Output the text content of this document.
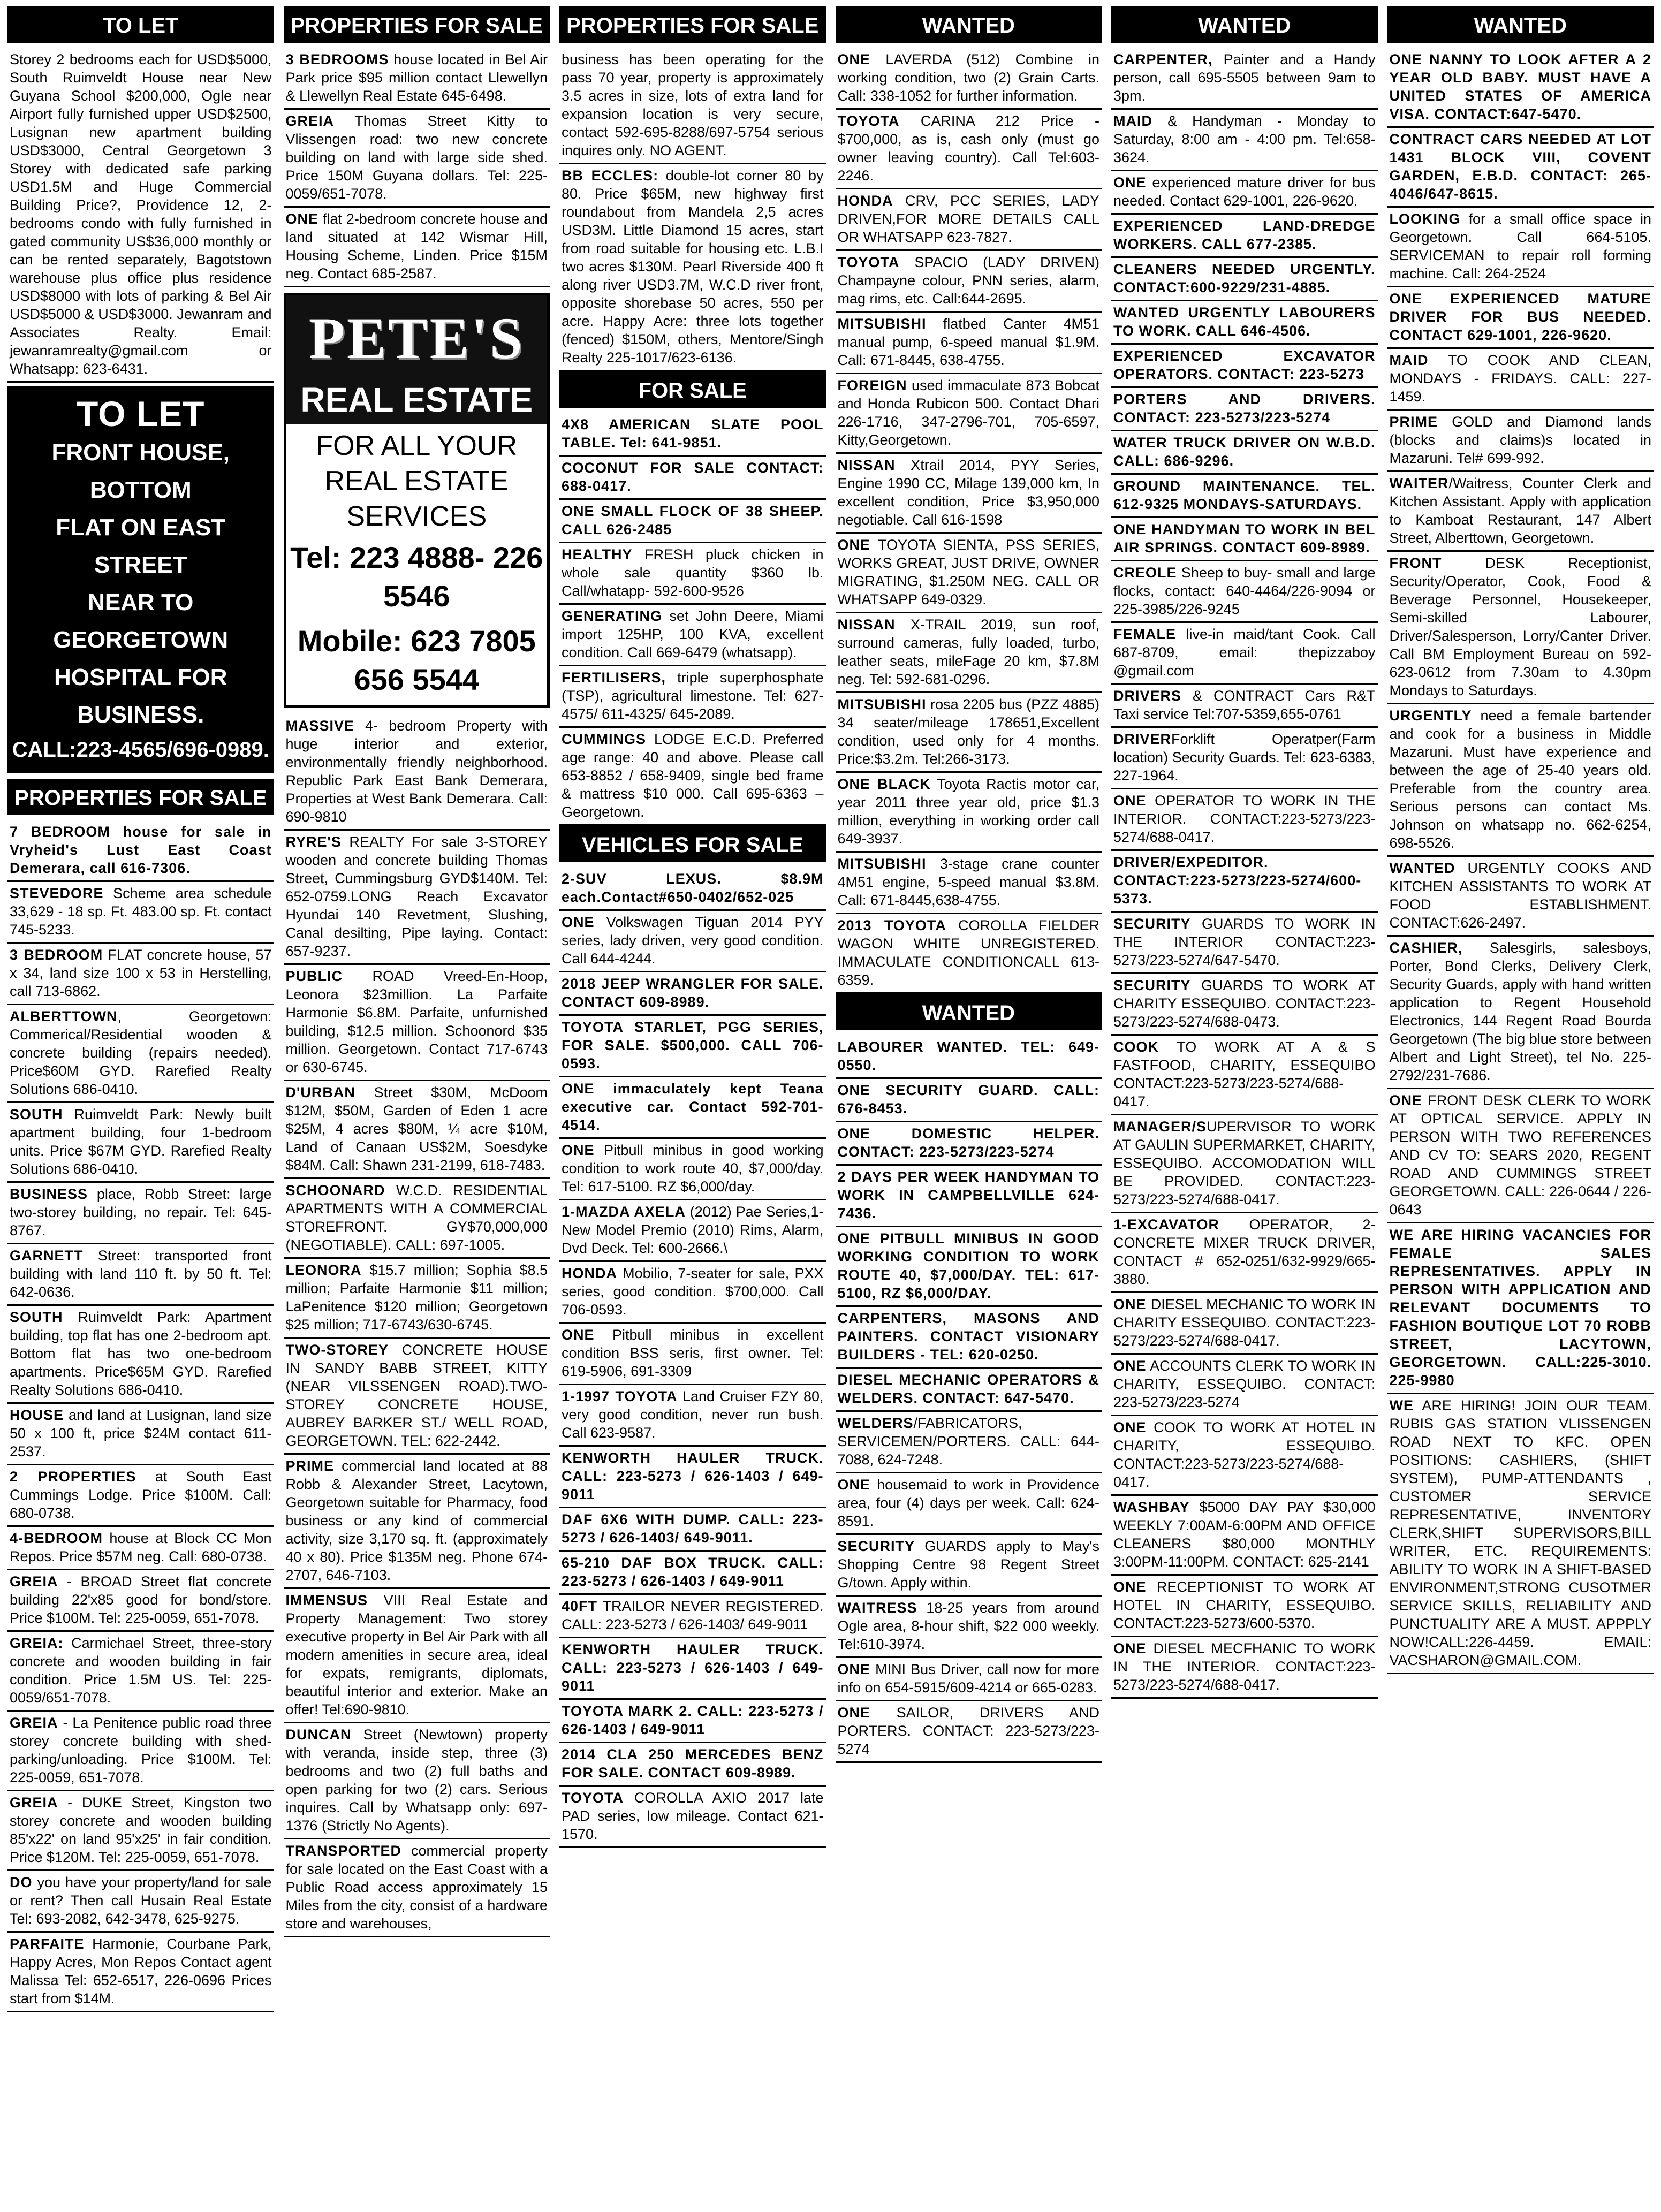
TO LET
Storey 2 bedrooms each for USD$5000, South Ruimveldt House near New Guyana School $200,000, Ogle near Airport fully furnished upper USD$2500, Lusignan new apartment building USD$3000, Central Georgetown 3 Storey with dedicated safe parking USD1.5M and Huge Commercial Building Price?, Providence 12, 2-bedrooms condo with fully furnished in gated community US$36,000 monthly or can be rented separately, Bagotstown warehouse plus office plus residence USD$8000 with lots of parking & Bel Air USD$5000 & USD$3000. Jewanram and Associates Realty. Email: jewanramrealty@gmail.com or Whatsapp: 623-6431.
TO LET
FRONT HOUSE, BOTTOM
FLAT ON EAST STREET
NEAR TO GEORGETOWN
HOSPITAL FOR
BUSINESS.
CALL:223-4565/696-0989.
PROPERTIES FOR SALE
7 BEDROOM house for sale in Vryheid's Lust East Coast Demerara, call 616-7306.
STEVEDORE Scheme area schedule 33,629 - 18 sp. Ft. 483.00 sp. Ft. contact 745-5233.
3 BEDROOM FLAT concrete house, 57 x 34, land size 100 x 53 in Herstelling, call 713-6862.
ALBERTTOWN, Georgetown: Commerical/Residential wooden & concrete building (repairs needed). Price$60M GYD. Rarefied Realty Solutions 686-0410.
SOUTH Ruimveldt Park: Newly built apartment building, four 1-bedroom units. Price $67M GYD. Rarefied Realty Solutions 686-0410.
BUSINESS place, Robb Street: large two-storey building, no repair. Tel: 645-8767.
GARNETT Street: transported front building with land 110 ft. by 50 ft. Tel: 642-0636.
SOUTH Ruimveldt Park: Apartment building, top flat has one 2-bedroom apt. Bottom flat has two one-bedroom apartments. Price$65M GYD. Rarefied Realty Solutions 686-0410.
HOUSE and land at Lusignan, land size 50 x 100 ft, price $24M contact 611-2537.
2 PROPERTIES at South East Cummings Lodge. Price $100M. Call: 680-0738.
4-BEDROOM house at Block CC Mon Repos. Price $57M neg. Call: 680-0738.
GREIA - BROAD Street flat concrete building 22'x85 good for bond/store. Price $100M. Tel: 225-0059, 651-7078.
GREIA: Carmichael Street, three-story concrete and wooden building in fair condition. Price 1.5M US. Tel: 225-0059/651-7078.
GREIA - La Penitence public road three storey concrete building with shed-parking/unloading. Price $100M. Tel: 225-0059, 651-7078.
GREIA - DUKE Street, Kingston two storey concrete and wooden building 85'x22' on land 95'x25' in fair condition. Price $120M. Tel: 225-0059, 651-7078.
DO you have your property/land for sale or rent? Then call Husain Real Estate Tel: 693-2082, 642-3478, 625-9275.
PARFAITE Harmonie, Courbane Park, Happy Acres, Mon Repos Contact agent Malissa Tel: 652-6517, 226-0696 Prices start from $14M.
PROPERTIES FOR SALE
3 BEDROOMS house located in Bel Air Park price $95 million contact Llewellyn & Llewellyn Real Estate 645-6498.
GREIA Thomas Street Kitty to Vlissengen road: two new concrete building on land with large side shed. Price 150M Guyana dollars. Tel: 225-0059/651-7078.
ONE flat 2-bedroom concrete house and land situated at 142 Wismar Hill, Housing Scheme, Linden. Price $15M neg. Contact 685-2587.
PETE'S
REAL ESTATE
FOR ALL YOUR REAL ESTATE SERVICES
Tel: 223 4888- 226 5546
Mobile: 623 7805 656 5544
MASSIVE 4- bedroom Property with huge interior and exterior, environmentally friendly neighborhood. Republic Park East Bank Demerara, Properties at West Bank Demerara. Call: 690-9810
RYRE'S REALTY For sale 3-STOREY wooden and concrete building Thomas Street, Cummingsburg GYD$140M. Tel: 652-0759.LONG Reach Excavator Hyundai 140 Revetment, Slushing, Canal desilting, Pipe laying. Contact: 657-9237.
PUBLIC ROAD Vreed-En-Hoop, Leonora $23million. La Parfaite Harmonie $6.8M. Parfaite, unfurnished building, $12.5 million. Schoonord $35 million. Georgetown. Contact 717-6743 or 630-6745.
D'URBAN Street $30M, McDoom $12M, $50M, Garden of Eden 1 acre $25M, 4 acres $80M, ¼ acre $10M, Land of Canaan US$2M, Soesdyke $84M. Call: Shawn 231-2199, 618-7483.
SCHOONARD W.C.D. RESIDENTIAL APARTMENTS WITH A COMMERCIAL STOREFRONT. GY$70,000,000 (NEGOTIABLE). CALL: 697-1005.
LEONORA $15.7 million; Sophia $8.5 million; Parfaite Harmonie $11 million; LaPenitence $120 million; Georgetown $25 million; 717-6743/630-6745.
TWO-STOREY CONCRETE HOUSE IN SANDY BABB STREET, KITTY (NEAR VILSSENGEN ROAD).TWO-STOREY CONCRETE HOUSE, AUBREY BARKER ST./ WELL ROAD, GEORGETOWN. TEL: 622-2442.
PRIME commercial land located at 88 Robb & Alexander Street, Lacytown, Georgetown suitable for Pharmacy, food business or any kind of commercial activity, size 3,170 sq. ft. (approximately 40 x 80). Price $135M neg. Phone 674-2707, 646-7103.
IMMENSUS VIII Real Estate and Property Management: Two storey executive property in Bel Air Park with all modern amenities in secure area, ideal for expats, remigrants, diplomats, beautiful interior and exterior. Make an offer! Tel:690-9810.
DUNCAN Street (Newtown) property with veranda, inside step, three (3) bedrooms and two (2) full baths and open parking for two (2) cars. Serious inquires. Call by Whatsapp only: 697-1376 (Strictly No Agents).
TRANSPORTED commercial property for sale located on the East Coast with a Public Road access approximately 15 Miles from the city, consist of a hardware store and warehouses,
PROPERTIES FOR SALE
business has been operating for the pass 70 year, property is approximately 3.5 acres in size, lots of extra land for expansion location is very secure, contact 592-695-8288/697-5754 serious inquires only. NO AGENT.
BB ECCLES: double-lot corner 80 by 80. Price $65M, new highway first roundabout from Mandela 2,5 acres USD3M. Little Diamond 15 acres, start from road suitable for housing etc. L.B.I two acres $130M. Pearl Riverside 400 ft along river USD3.7M, W.C.D river front, opposite shorebase 50 acres, 550 per acre. Happy Acre: three lots together (fenced) $150M, others, Mentore/Singh Realty 225-1017/623-6136.
FOR SALE
4X8 AMERICAN SLATE POOL TABLE. Tel: 641-9851.
COCONUT FOR SALE CONTACT: 688-0417.
ONE SMALL FLOCK OF 38 SHEEP. CALL 626-2485
HEALTHY FRESH pluck chicken in whole sale quantity $360 lb. Call/whatapp- 592-600-9526
GENERATING set John Deere, Miami import 125HP, 100 KVA, excellent condition. Call 669-6479 (whatsapp).
FERTILISERS, triple superphosphate (TSP), agricultural limestone. Tel: 627-4575/ 611-4325/ 645-2089.
CUMMINGS LODGE E.C.D. Preferred age range: 40 and above. Please call 653-8852 / 658-9409, single bed frame & mattress $10 000. Call 695-6363 – Georgetown.
VEHICLES FOR SALE
2-SUV LEXUS. $8.9M each.Contact#650-0402/652-025
ONE Volkswagen Tiguan 2014 PYY series, lady driven, very good condition. Call 644-4244.
2018 JEEP WRANGLER FOR SALE. CONTACT 609-8989.
TOYOTA STARLET, PGG SERIES, FOR SALE. $500,000. CALL 706-0593.
ONE immaculately kept Teana executive car. Contact 592-701-4514.
ONE Pitbull minibus in good working condition to work route 40, $7,000/day. Tel: 617-5100. RZ $6,000/day.
1-MAZDA AXELA (2012) Pae Series,1- New Model Premio (2010) Rims, Alarm, Dvd Deck. Tel: 600-2666.\
HONDA Mobilio, 7-seater for sale, PXX series, good condition. $700,000. Call 706-0593.
ONE Pitbull minibus in excellent condition BSS seris, first owner. Tel: 619-5906, 691-3309
1-1997 TOYOTA Land Cruiser FZY 80, very good condition, never run bush. Call 623-9587.
KENWORTH HAULER TRUCK. CALL: 223-5273 / 626-1403 / 649-9011
DAF 6X6 WITH DUMP. CALL: 223-5273 / 626-1403/ 649-9011.
65-210 DAF BOX TRUCK. CALL: 223-5273 / 626-1403 / 649-9011
40FT TRAILOR NEVER REGISTERED. CALL: 223-5273 / 626-1403/ 649-9011
KENWORTH HAULER TRUCK. CALL: 223-5273 / 626-1403 / 649-9011
TOYOTA MARK 2. CALL: 223-5273 / 626-1403 / 649-9011
2014 CLA 250 MERCEDES BENZ FOR SALE. CONTACT 609-8989.
TOYOTA COROLLA AXIO 2017 late PAD series, low mileage. Contact 621-1570.
WANTED
ONE LAVERDA (512) Combine in working condition, two (2) Grain Carts. Call: 338-1052 for further information.
TOYOTA CARINA 212 Price - $700,000, as is, cash only (must go owner leaving country). Call Tel:603-2246.
HONDA CRV, PCC SERIES, LADY DRIVEN,FOR MORE DETAILS CALL OR WHATSAPP 623-7827.
TOYOTA SPACIO (LADY DRIVEN) Champayne colour, PNN series, alarm, mag rims, etc. Call:644-2695.
MITSUBISHI flatbed Canter 4M51 manual pump, 6-speed manual $1.9M. Call: 671-8445, 638-4755.
FOREIGN used immaculate 873 Bobcat and Honda Rubicon 500. Contact Dhari 226-1716, 347-2796-701, 705-6597, Kitty,Georgetown.
NISSAN Xtrail 2014, PYY Series, Engine 1990 CC, Milage 139,000 km, In excellent condition, Price $3,950,000 negotiable. Call 616-1598
ONE TOYOTA SIENTA, PSS SERIES, WORKS GREAT, JUST DRIVE, OWNER MIGRATING, $1.250M NEG. CALL OR WHATSAPP 649-0329.
NISSAN X-TRAIL 2019, sun roof, surround cameras, fully loaded, turbo, leather seats, mileFage 20 km, $7.8M neg. Tel: 592-681-0296.
MITSUBISHI rosa 2205 bus (PZZ 4885) 34 seater/mileage 178651,Excellent condition, used only for 4 months. Price:$3.2m. Tel:266-3173.
ONE BLACK Toyota Ractis motor car, year 2011 three year old, price $1.3 million, everything in working order call 649-3937.
MITSUBISHI 3-stage crane counter 4M51 engine, 5-speed manual $3.8M. Call: 671-8445,638-4755.
2013 TOYOTA COROLLA FIELDER WAGON WHITE UNREGISTERED. IMMACULATE CONDITIONCALL 613-6359.
WANTED
LABOURER WANTED. TEL: 649-0550.
ONE SECURITY GUARD. CALL: 676-8453.
ONE DOMESTIC HELPER. CONTACT: 223-5273/223-5274
2 DAYS PER WEEK HANDYMAN TO WORK IN CAMPBELLVILLE 624-7436.
ONE PITBULL MINIBUS IN GOOD WORKING CONDITION TO WORK ROUTE 40, $7,000/DAY. TEL: 617-5100, RZ $6,000/DAY.
CARPENTERS, MASONS AND PAINTERS. CONTACT VISIONARY BUILDERS - TEL: 620-0250.
DIESEL MECHANIC OPERATORS & WELDERS. CONTACT: 647-5470.
WELDERS/FABRICATORS, SERVICEMEN/PORTERS. CALL: 644-7088, 624-7248.
ONE housemaid to work in Providence area, four (4) days per week. Call: 624-8591.
SECURITY GUARDS apply to May's Shopping Centre 98 Regent Street G/town. Apply within.
WAITRESS 18-25 years from around Ogle area, 8-hour shift, $22 000 weekly. Tel:610-3974.
ONE MINI Bus Driver, call now for more info on 654-5915/609-4214 or 665-0283.
ONE SAILOR, DRIVERS AND PORTERS. CONTACT: 223-5273/223-5274
WANTED
CARPENTER, Painter and a Handy person, call 695-5505 between 9am to 3pm.
MAID & Handyman - Monday to Saturday, 8:00 am - 4:00 pm. Tel:658-3624.
ONE experienced mature driver for bus needed. Contact 629-1001, 226-9620.
EXPERIENCED LAND-DREDGE WORKERS. CALL 677-2385.
CLEANERS NEEDED URGENTLY. CONTACT:600-9229/231-4885.
WANTED URGENTLY LABOURERS TO WORK. CALL 646-4506.
EXPERIENCED EXCAVATOR OPERATORS. CONTACT: 223-5273
PORTERS AND DRIVERS. CONTACT: 223-5273/223-5274
WATER TRUCK DRIVER ON W.B.D. CALL: 686-9296.
GROUND MAINTENANCE. TEL. 612-9325 MONDAYS-SATURDAYS.
ONE HANDYMAN TO WORK IN BEL AIR SPRINGS. CONTACT 609-8989.
CREOLE Sheep to buy- small and large flocks, contact: 640-4464/226-9094 or 225-3985/226-9245
FEMALE live-in maid/tant Cook. Call 687-8709, email: thepizzaboy @gmail.com
DRIVERS & CONTRACT Cars R&T Taxi service Tel:707-5359,655-0761
DRIVERForklift Operatper(Farm location) Security Guards. Tel: 623-6383, 227-1964.
ONE OPERATOR TO WORK IN THE INTERIOR. CONTACT:223-5273/223-5274/688-0417.
DRIVER/EXPEDITOR. CONTACT:223-5273/223-5274/600-5373.
SECURITY GUARDS TO WORK IN THE INTERIOR CONTACT:223-5273/223-5274/647-5470.
SECURITY GUARDS TO WORK AT CHARITY ESSEQUIBO. CONTACT:223-5273/223-5274/688-0473.
COOK TO WORK AT A & S FASTFOOD, CHARITY, ESSEQUIBO CONTACT:223-5273/223-5274/688-0417.
MANAGER/SUPERVISOR TO WORK AT GAULIN SUPERMARKET, CHARITY, ESSEQUIBO. ACCOMODATION WILL BE PROVIDED. CONTACT:223-5273/223-5274/688-0417.
1-EXCAVATOR OPERATOR, 2- CONCRETE MIXER TRUCK DRIVER, CONTACT # 652-0251/632-9929/665-3880.
ONE DIESEL MECHANIC TO WORK IN CHARITY ESSEQUIBO. CONTACT:223-5273/223-5274/688-0417.
ONE ACCOUNTS CLERK TO WORK IN CHARITY, ESSEQUIBO. CONTACT: 223-5273/223-5274
ONE COOK TO WORK AT HOTEL IN CHARITY, ESSEQUIBO. CONTACT:223-5273/223-5274/688-0417.
WASHBAY $5000 DAY PAY $30,000 WEEKLY 7:00AM-6:00PM AND OFFICE CLEANERS $80,000 MONTHLY 3:00PM-11:00PM. CONTACT: 625-2141
ONE RECEPTIONIST TO WORK AT HOTEL IN CHARITY, ESSEQUIBO. CONTACT:223-5273/600-5370.
ONE DIESEL MECFHANIC TO WORK IN THE INTERIOR. CONTACT:223-5273/223-5274/688-0417.
WANTED
ONE NANNY TO LOOK AFTER A 2 YEAR OLD BABY. MUST HAVE A UNITED STATES OF AMERICA VISA. CONTACT:647-5470.
CONTRACT CARS NEEDED AT LOT 1431 BLOCK VIII, COVENT GARDEN, E.B.D. CONTACT: 265-4046/647-8615.
LOOKING for a small office space in Georgetown. Call 664-5105. SERVICEMAN to repair roll forming machine. Call: 264-2524
ONE EXPERIENCED MATURE DRIVER FOR BUS NEEDED. CONTACT 629-1001, 226-9620.
MAID TO COOK AND CLEAN, MONDAYS - FRIDAYS. CALL: 227-1459.
PRIME GOLD and Diamond lands (blocks and claims)s located in Mazaruni. Tel# 699-992.
WAITER/Waitress, Counter Clerk and Kitchen Assistant. Apply with application to Kamboat Restaurant, 147 Albert Street, Alberttown, Georgetown.
FRONT DESK Receptionist, Security/Operator, Cook, Food & Beverage Personnel, Housekeeper, Semi-skilled Labourer, Driver/Salesperson, Lorry/Canter Driver. Call BM Employment Bureau on 592-623-0612 from 7.30am to 4.30pm Mondays to Saturdays.
URGENTLY need a female bartender and cook for a business in Middle Mazaruni. Must have experience and between the age of 25-40 years old. Preferable from the country area. Serious persons can contact Ms. Johnson on whatsapp no. 662-6254, 698-5526.
WANTED URGENTLY COOKS AND KITCHEN ASSISTANTS TO WORK AT FOOD ESTABLISHMENT. CONTACT:626-2497.
CASHIER, Salesgirls, salesboys, Porter, Bond Clerks, Delivery Clerk, Security Guards, apply with hand written application to Regent Household Electronics, 144 Regent Road Bourda Georgetown (The big blue store between Albert and Light Street), tel No. 225-2792/231-7686.
ONE FRONT DESK CLERK TO WORK AT OPTICAL SERVICE. APPLY IN PERSON WITH TWO REFERENCES AND CV TO: SEARS 2020, REGENT ROAD AND CUMMINGS STREET GEORGETOWN. CALL: 226-0644 / 226-0643
WE ARE HIRING VACANCIES FOR FEMALE SALES REPRESENTATIVES. APPLY IN PERSON WITH APPLICATION AND RELEVANT DOCUMENTS TO FASHION BOUTIQUE LOT 70 ROBB STREET, LACYTOWN, GEORGETOWN. CALL:225-3010. 225-9980
WE ARE HIRING! JOIN OUR TEAM. RUBIS GAS STATION VLISSENGEN ROAD NEXT TO KFC. OPEN POSITIONS: CASHIERS, (SHIFT SYSTEM), PUMP-ATTENDANTS , CUSTOMER SERVICE REPRESENTATIVE, INVENTORY CLERK,SHIFT SUPERVISORS,BILL WRITER, ETC. REQUIREMENTS: ABILITY TO WORK IN A SHIFT-BASED ENVIRONMENT,STRONG CUSOTMER SERVICE SKILLS, RELIABILITY AND PUNCTUALITY ARE A MUST. APPPLY NOW!CALL:226-4459. EMAIL: VACSHARON@GMAIL.COM.
